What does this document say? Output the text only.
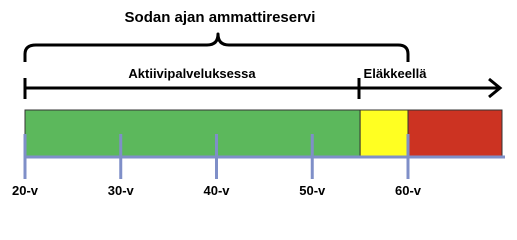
Sodan ajan ammattireservi
Aktiivipalveluksessa	Eläkkeellä
20-v	30-v	40-v	50-v	60-v
